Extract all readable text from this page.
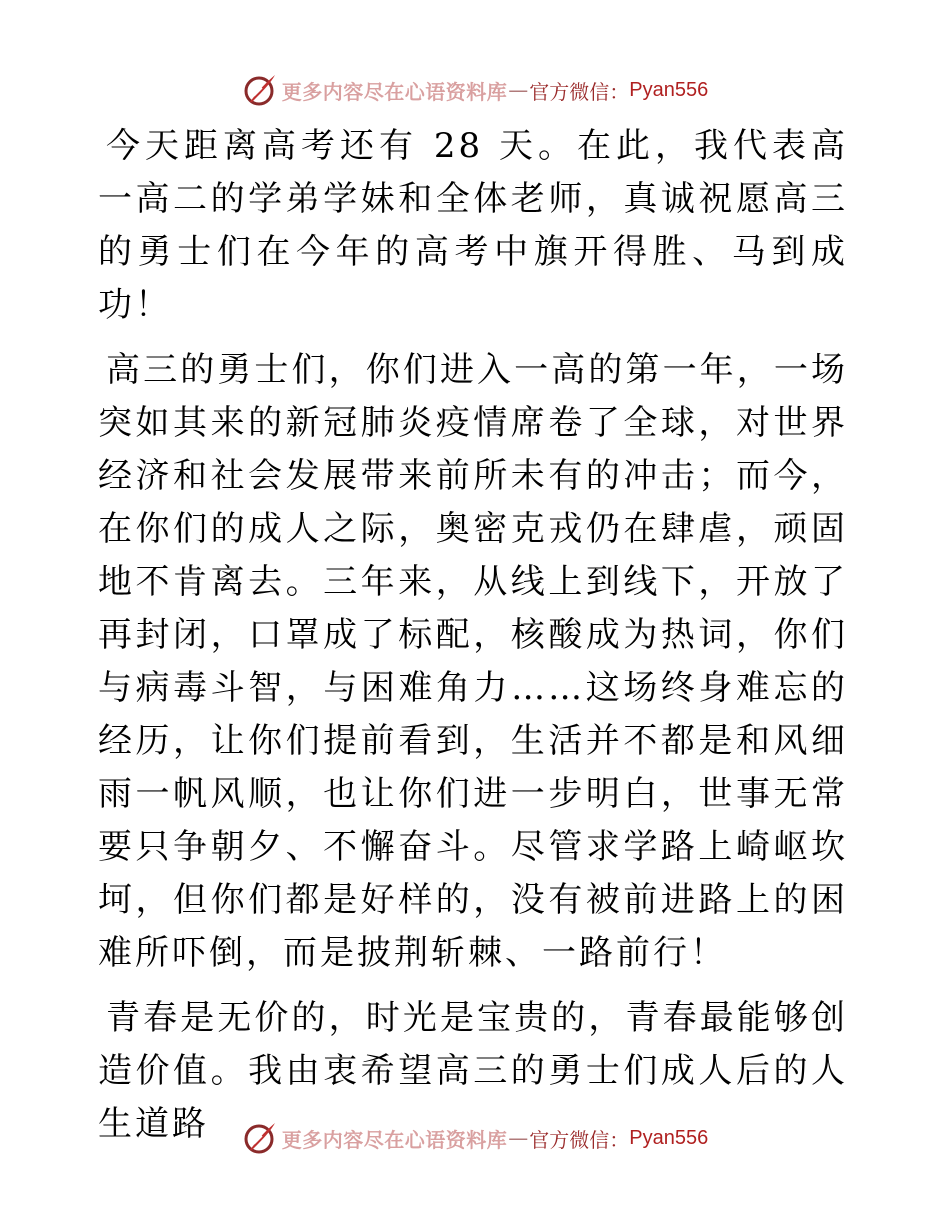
更多内容尽在心语资料库 — 官方微信： Pyan556

今天距离高考还有 28 天。在此，我代表高一高二的学弟学妹和全体老师，真诚祝愿高三的勇士们在今年的高考中旗开得胜、马到成功！

高三的勇士们，你们进入一高的第一年，一场突如其来的新冠肺炎疫情席卷了全球，对世界经济和社会发展带来前所未有的冲击；而今，在你们的成人之际，奥密克戎仍在肆虐，顽固地不肯离去。三年来，从线上到线下，开放了再封闭，口罩成了标配，核酸成为热词，你们与病毒斗智，与困难角力……这场终身难忘的经历，让你们提前看到，生活并不都是和风细雨一帆风顺，也让你们进一步明白，世事无常要只争朝夕、不懈奋斗。尽管求学路上崎岖坎坷，但你们都是好样的，没有被前进路上的困难所吓倒，而是披荆斩棘、一路前行！

青春是无价的，时光是宝贵的，青春最能够创造价值。我由衷希望高三的勇士们成人后的人生道路	更多内容尽在心语资料库 — 官方微信： Pyan556
